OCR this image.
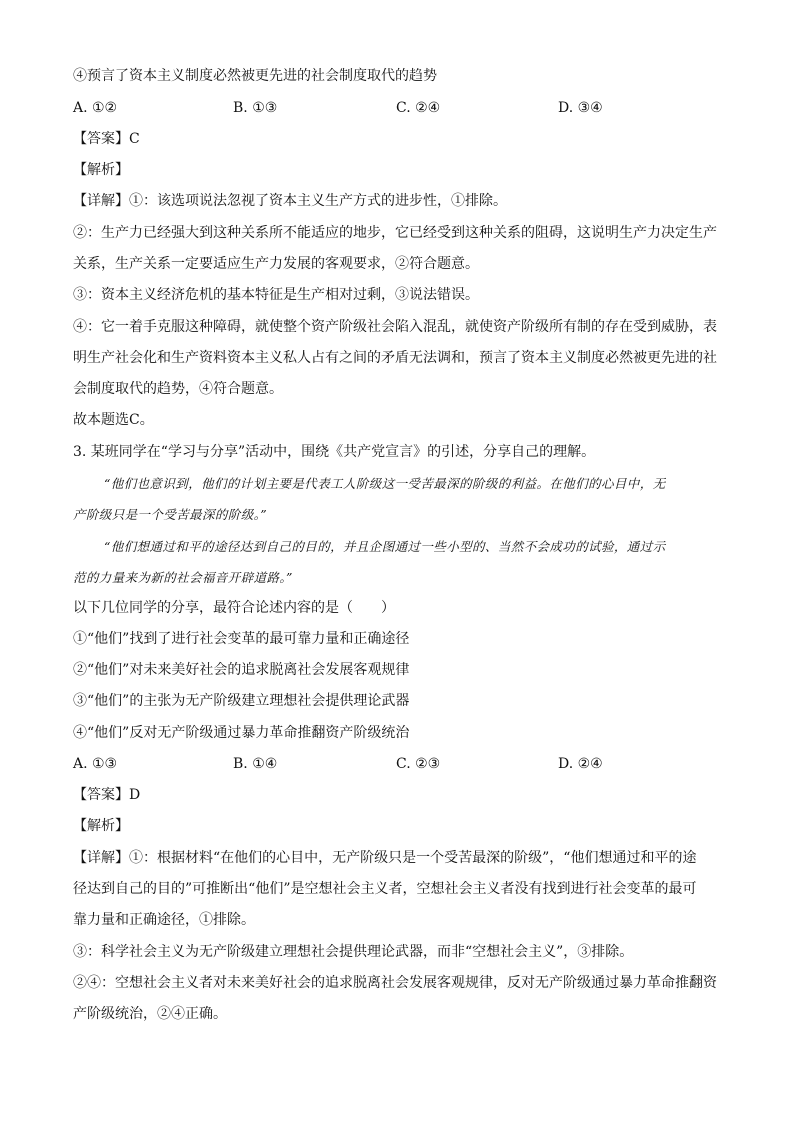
④预言了资本主义制度必然被更先进的社会制度取代的趋势
A. ①②	B. ①③	C. ②④	D. ③④
【答案】C
【解析】
【详解】①：该选项说法忽视了资本主义生产方式的进步性，①排除。
②：生产力已经强大到这种关系所不能适应的地步，它已经受到这种关系的阻碍，这说明生产力决定生产
关系，生产关系一定要适应生产力发展的客观要求，②符合题意。
③：资本主义经济危机的基本特征是生产相对过剩，③说法错误。
④：它一着手克服这种障碍，就使整个资产阶级社会陷入混乱，就使资产阶级所有制的存在受到威胁，表
明生产社会化和生产资料资本主义私人占有之间的矛盾无法调和，预言了资本主义制度必然被更先进的社
会制度取代的趋势，④符合题意。
故本题选C。
3. 某班同学在“学习与分享”活动中，围绕《共产党宣言》的引述，分享自己的理解。
“他们也意识到，他们的计划主要是代表工人阶级这一受苦最深的阶级的利益。在他们的心目中，无
产阶级只是一个受苦最深的阶级。”
“他们想通过和平的途径达到自己的目的，并且企图通过一些小型的、当然不会成功的试验，通过示
范的力量来为新的社会福音开辟道路。”
以下几位同学的分享，最符合论述内容的是（　　）
①“他们”找到了进行社会变革的最可靠力量和正确途径
②“他们”对未来美好社会的追求脱离社会发展客观规律
③“他们”的主张为无产阶级建立理想社会提供理论武器
④“他们”反对无产阶级通过暴力革命推翻资产阶级统治
A. ①③	B. ①④	C. ②③	D. ②④
【答案】D
【解析】
【详解】①：根据材料“在他们的心目中，无产阶级只是一个受苦最深的阶级”，“他们想通过和平的途
径达到自己的目的”可推断出“他们”是空想社会主义者，空想社会主义者没有找到进行社会变革的最可
靠力量和正确途径，①排除。
③：科学社会主义为无产阶级建立理想社会提供理论武器，而非“空想社会主义”，③排除。
②④：空想社会主义者对未来美好社会的追求脱离社会发展客观规律，反对无产阶级通过暴力革命推翻资
产阶级统治，②④正确。
